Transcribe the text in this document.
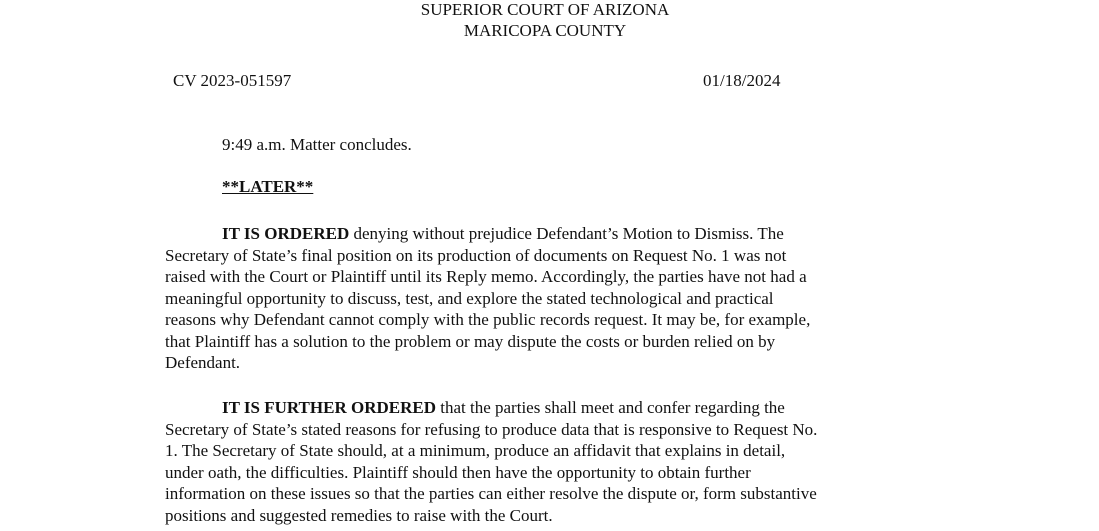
SUPERIOR COURT OF ARIZONA
MARICOPA COUNTY
CV 2023-051597	01/18/2024
9:49 a.m. Matter concludes.
**LATER**
IT IS ORDERED denying without prejudice Defendant’s Motion to Dismiss. The
Secretary of State’s final position on its production of documents on Request No. 1 was not
raised with the Court or Plaintiff until its Reply memo. Accordingly, the parties have not had a
meaningful opportunity to discuss, test, and explore the stated technological and practical
reasons why Defendant cannot comply with the public records request. It may be, for example,
that Plaintiff has a solution to the problem or may dispute the costs or burden relied on by
Defendant.
IT IS FURTHER ORDERED that the parties shall meet and confer regarding the
Secretary of State’s stated reasons for refusing to produce data that is responsive to Request No.
1. The Secretary of State should, at a minimum, produce an affidavit that explains in detail,
under oath, the difficulties. Plaintiff should then have the opportunity to obtain further
information on these issues so that the parties can either resolve the dispute or, form substantive
positions and suggested remedies to raise with the Court.
